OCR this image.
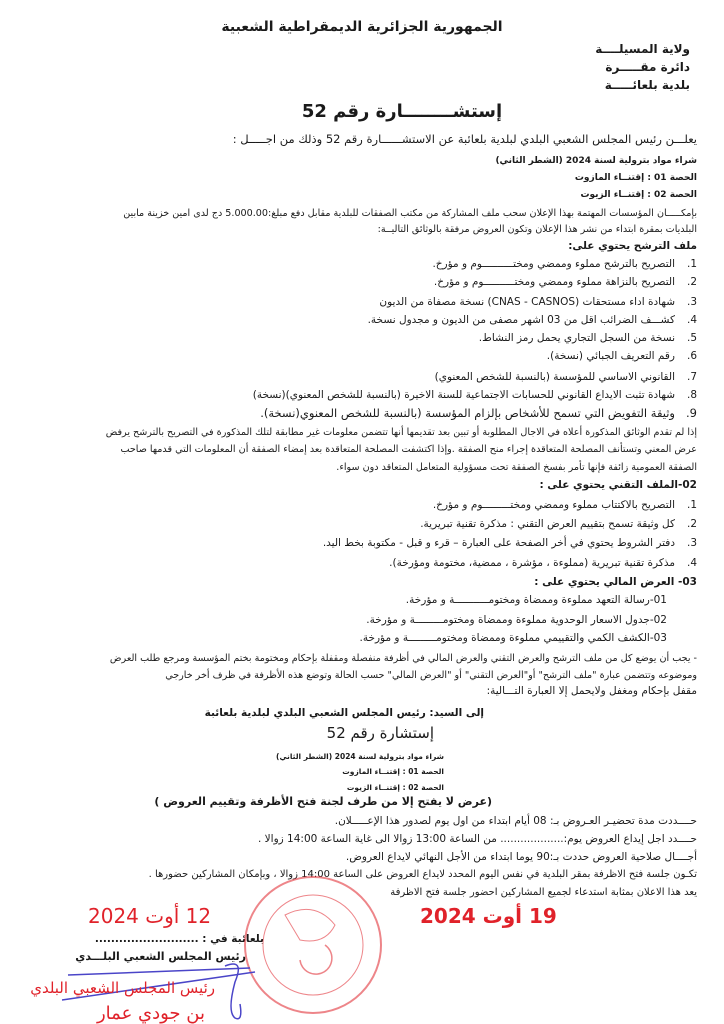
الجمهورية الجزائرية الديمقراطية الشعبية
ولاية المسيلــــة
دائرة مقـــــرة
بلدية بلعائـــــة
إستشــــــــارة رقم 52
يعلـــن رئيس المجلس الشعبي البلدي لبلدية بلعائبة عن الاستشــــــارة رقم 52 وذلك من اجـــــل :
شراء مواد بترولية لسنة 2024 (الشطر الثاني)
الحصة 01 : إقتنــاء المازوت
الحصة 02 : إقتنــاء الزيوت
بإمكـــــان المؤسسات المهتمة بهذا الإعلان سحب ملف المشاركة من مكتب الصفقات للبلدية مقابل دفع مبلغ:5.000.00 دج لدى امين خزينة مابين
البلديات بمقرة ابتداء من نشر هذا الإعلان وتكون العروض مرفقة بالوثائق التاليــة:
ملف الترشح يحتوي على:
1.التصريح بالترشح مملوء وممضي ومختــــــــــوم و مؤرخ.
2.التصريح بالنزاهة مملوء وممضي ومختــــــــــوم و مؤرخ.
3.شهادة اداء مستحقات (CNAS - CASNOS) نسخة مصفاة من الديون
4.كشـــف الضرائب اقل من 03 اشهر مصفى من الديون و مجدول نسخة.
5.نسخة من السجل التجاري يحمل رمز النشاط.
6.رقم التعريف الجبائي (نسخة).
7.القانوني الاساسي للمؤسسة (بالنسبة للشخص المعنوي)
8.شهادة تثبت الايداع القانوني للحسابات الاجتماعية للسنة الاخيرة (بالنسبة للشخص المعنوي)(نسخة)
9.وثيقة التفويض التي تسمح للأشخاص بإلزام المؤسسة (بالنسبة للشخص المعنوي(نسخة).
إذا لم تقدم الوثائق المذكورة أعلاه في الاجال المطلوبة أو تبين بعد تقديمها أنها تتضمن معلومات غير مطابقة لتلك المذكورة في التصريح بالترشح يرفض
عرض المعني وتستأنف المصلحة المتعاقدة إجراء منح الصفقة .وإذا اكتشفت المصلحة المتعاقدة بعد إمضاء الصفقة أن المعلومات التي قدمها صاحب
الصفقة العمومية زائفة فإنها تأمر بفسخ الصفقة تحت مسؤولية المتعامل المتعاقد دون سواء.
02-الملف التقني يحتوي على :
1.التصريح بالاكتتاب مملوء وممضي ومختـــــــــوم و مؤرخ.
2.كل وثيقة تسمح بتقييم العرض التقني : مذكرة تقنية تبريرية.
3.دفتر الشروط يحتوي في أخر الصفحة على العبارة – قرء و قبل - مكتوبة بخط اليد.
4.مذكرة تقنية تبريرية (مملوءة ، مؤشرة ، ممضية، مختومة ومؤرخة).
03- العرض المالي يحتوي على :
01-رسالة التعهد مملوءة وممضاة ومختومـــــــــــة و مؤرخة.
02-جدول الاسعار الوحدوية مملوءة وممضاة ومختومـــــــــة و مؤرخة.
03-الكشف الكمي والتقييمي مملوءة وممضاة ومختومـــــــــة و مؤرخة.
- يجب أن يوضع كل من ملف الترشح والعرض التقني والعرض المالي في أظرفة منفصلة ومقفلة بإحكام ومختومة بختم المؤسسة ومرجع طلب العرض
وموضوعه وتتضمن عبارة "ملف الترشح" أو"العرض التقني" أو "العرض المالي" حسب الحالة وتوضع هذه الأظرفة في ظرف أخر خارجي
مقفل بإحكام ومغفل ولايحمل إلا العبارة التـــالية:
إلى السيد: رئيس المجلس الشعبي البلدي لبلدية بلعائبة
إستشارة رقم 52
شراء مواد بترولية لسنة 2024 (الشطر الثاني)
الحصة 01 : إقتنــاء المازوت
الحصة 02 : إقتنــاء الزيوت
(عرض لا يفتح إلا من طرف لجنة فتح الأظرفة وتقييم العروض )
حــــددت مدة تحضيـر العـروض بـ: 08 أيام ابتداء من اول يوم لصدور هذا الإعـــــلان.
حــــدد اجل إيداع العروض يوم:................... من الساعة 13:00 زوالا الى غاية الساعة 14:00 زوالا .
أجــــال صلاحية العروض حددت بـ:90 يوما ابتداء من الأجل النهائي لايداع العروض.
تكـون جلسة فتح الاظرفة بمقر البلدية في نفس اليوم المحدد لايداع العروض على الساعة 14:00 زوالا ، وبإمكان المشاركين حضورها .
يعد هذا الاعلان بمثابة استدعاء لجميع المشاركين احضور جلسة فتح الاظرفة
19 أوت 2024
12 أوت 2024
بلعائبة في : ..........................
رئيس المجلس الشعبي البلـــدي
رئيس المجلس الشعبي البلدي
بن جودي عمار
